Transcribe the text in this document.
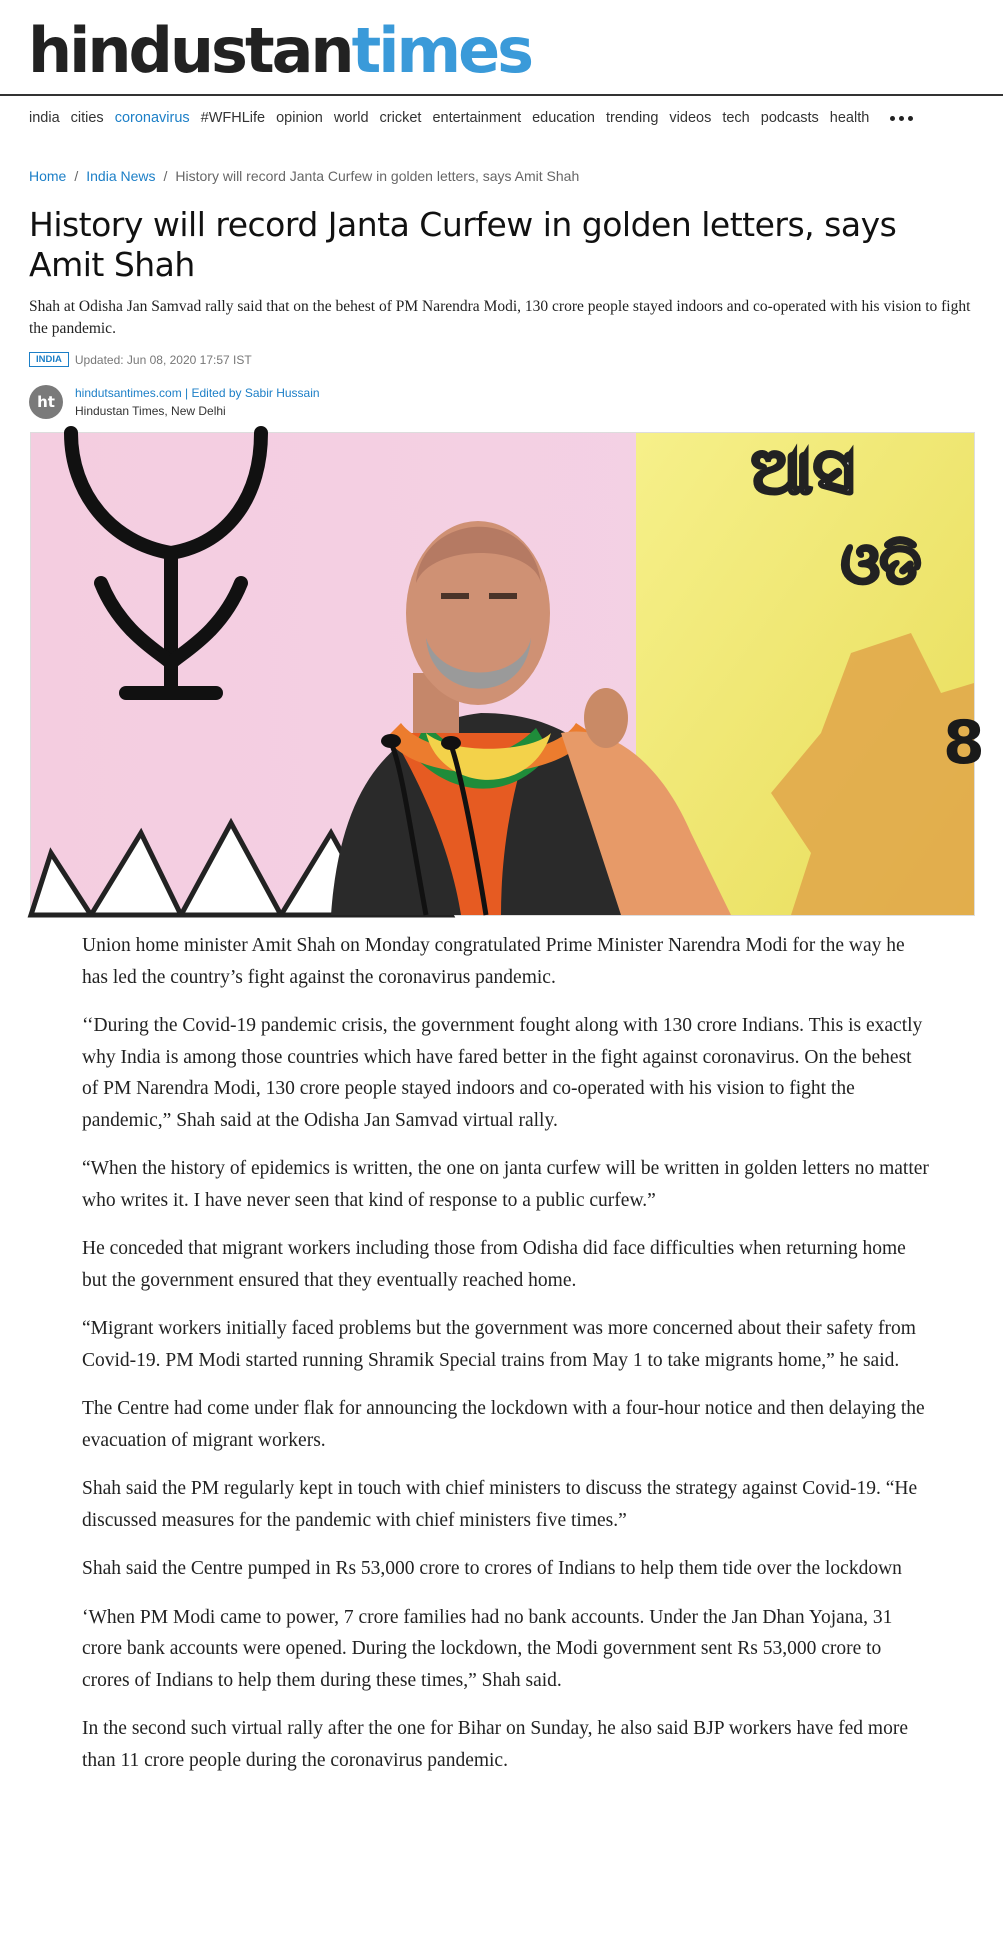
hindustantimes
india cities coronavirus #WFHLife opinion world cricket entertainment education trending videos tech podcasts health
Home / India News / History will record Janta Curfew in golden letters, says Amit Shah
History will record Janta Curfew in golden letters, says Amit Shah
Shah at Odisha Jan Samvad rally said that on the behest of PM Narendra Modi, 130 crore people stayed indoors and co-operated with his vision to fight the pandemic.
INDIA	Updated: Jun 08, 2020 17:57 IST
ht	hindutsantimes.com | Edited by Sabir Hussain
Hindustan Times, New Delhi
ଆସ
ଓଡି
8

Union home minister Amit Shah on Monday congratulated Prime Minister Narendra Modi for the way he has led the country’s fight against the coronavirus pandemic.

‘‘During the Covid-19 pandemic crisis, the government fought along with 130 crore Indians. This is exactly why India is among those countries which have fared better in the fight against coronavirus. On the behest of PM Narendra Modi, 130 crore people stayed indoors and co-operated with his vision to fight the pandemic,” Shah said at the Odisha Jan Samvad virtual rally.

“When the history of epidemics is written, the one on janta curfew will be written in golden letters no matter who writes it. I have never seen that kind of response to a public curfew.”

He conceded that migrant workers including those from Odisha did face difficulties when returning home but the government ensured that they eventually reached home.

“Migrant workers initially faced problems but the government was more concerned about their safety from Covid-19. PM Modi started running Shramik Special trains from May 1 to take migrants home,” he said.

The Centre had come under flak for announcing the lockdown with a four-hour notice and then delaying the evacuation of migrant workers.

Shah said the PM regularly kept in touch with chief ministers to discuss the strategy against Covid-19. “He discussed measures for the pandemic with chief ministers five times.”

Shah said the Centre pumped in Rs 53,000 crore to crores of Indians to help them tide over the lockdown

‘When PM Modi came to power, 7 crore families had no bank accounts. Under the Jan Dhan Yojana, 31 crore bank accounts were opened. During the lockdown, the Modi government sent Rs 53,000 crore to crores of Indians to help them during these times,” Shah said.

In the second such virtual rally after the one for Bihar on Sunday, he also said BJP workers have fed more than 11 crore people during the coronavirus pandemic.
